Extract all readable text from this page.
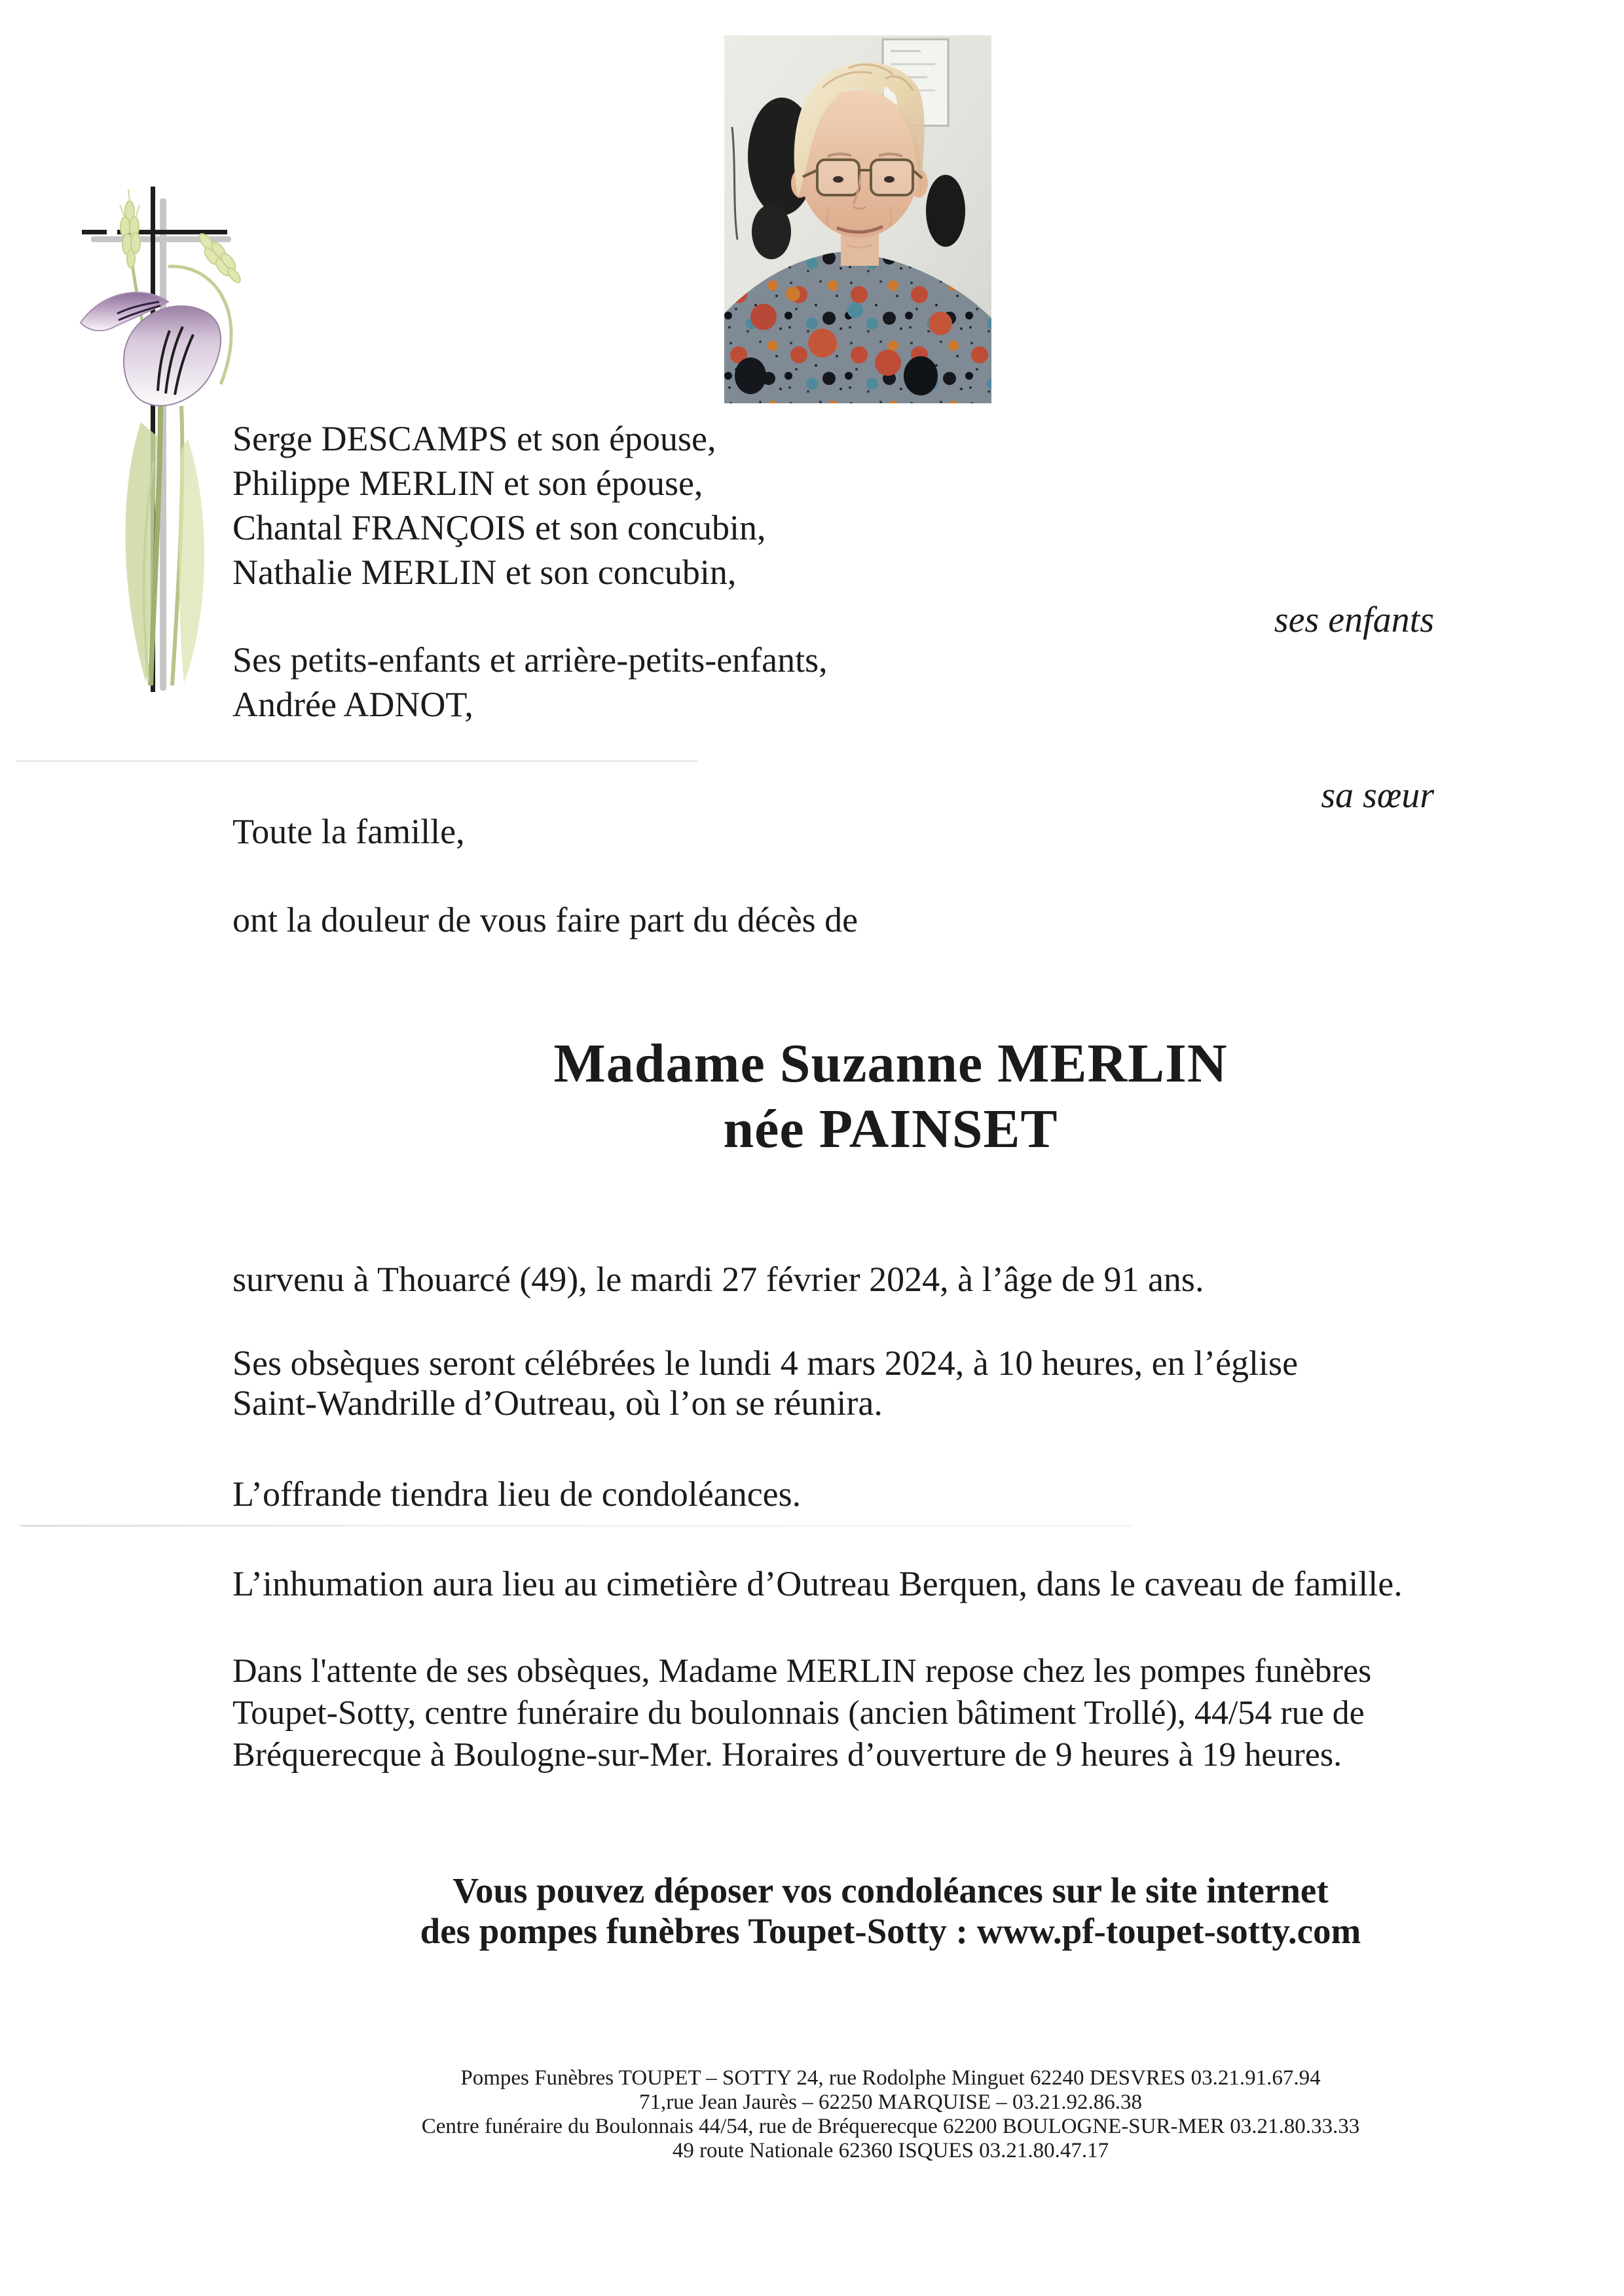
Serge DESCAMPS et son épouse,
Philippe MERLIN et son épouse,
Chantal FRANÇOIS et son concubin,
Nathalie MERLIN et son concubin,
Ses petits-enfants et arrière-petits-enfants,
Andrée ADNOT,
ses enfants
sa sœur
Toute la famille,
ont la douleur de vous faire part du décès de
Madame Suzanne MERLIN
née PAINSET
survenu à Thouarcé (49), le mardi 27 février 2024, à l’âge de 91 ans.
Ses obsèques seront célébrées le lundi 4 mars 2024, à 10 heures, en l’église
Saint-Wandrille d’Outreau, où l’on se réunira.
L’offrande tiendra lieu de condoléances.
L’inhumation aura lieu au cimetière d’Outreau Berquen, dans le caveau de famille.
Dans l'attente de ses obsèques, Madame MERLIN repose chez les pompes funèbres
Toupet-Sotty, centre funéraire du boulonnais (ancien bâtiment Trollé), 44/54 rue de
Bréquerecque à Boulogne-sur-Mer. Horaires d’ouverture de 9 heures à 19 heures.
Vous pouvez déposer vos condoléances sur le site internet
des pompes funèbres Toupet-Sotty : www.pf-toupet-sotty.com
Pompes Funèbres TOUPET – SOTTY 24, rue Rodolphe Minguet 62240 DESVRES 03.21.91.67.94
71,rue Jean Jaurès – 62250 MARQUISE – 03.21.92.86.38
Centre funéraire du Boulonnais 44/54, rue de Bréquerecque 62200 BOULOGNE-SUR-MER 03.21.80.33.33
49 route Nationale 62360 ISQUES 03.21.80.47.17
